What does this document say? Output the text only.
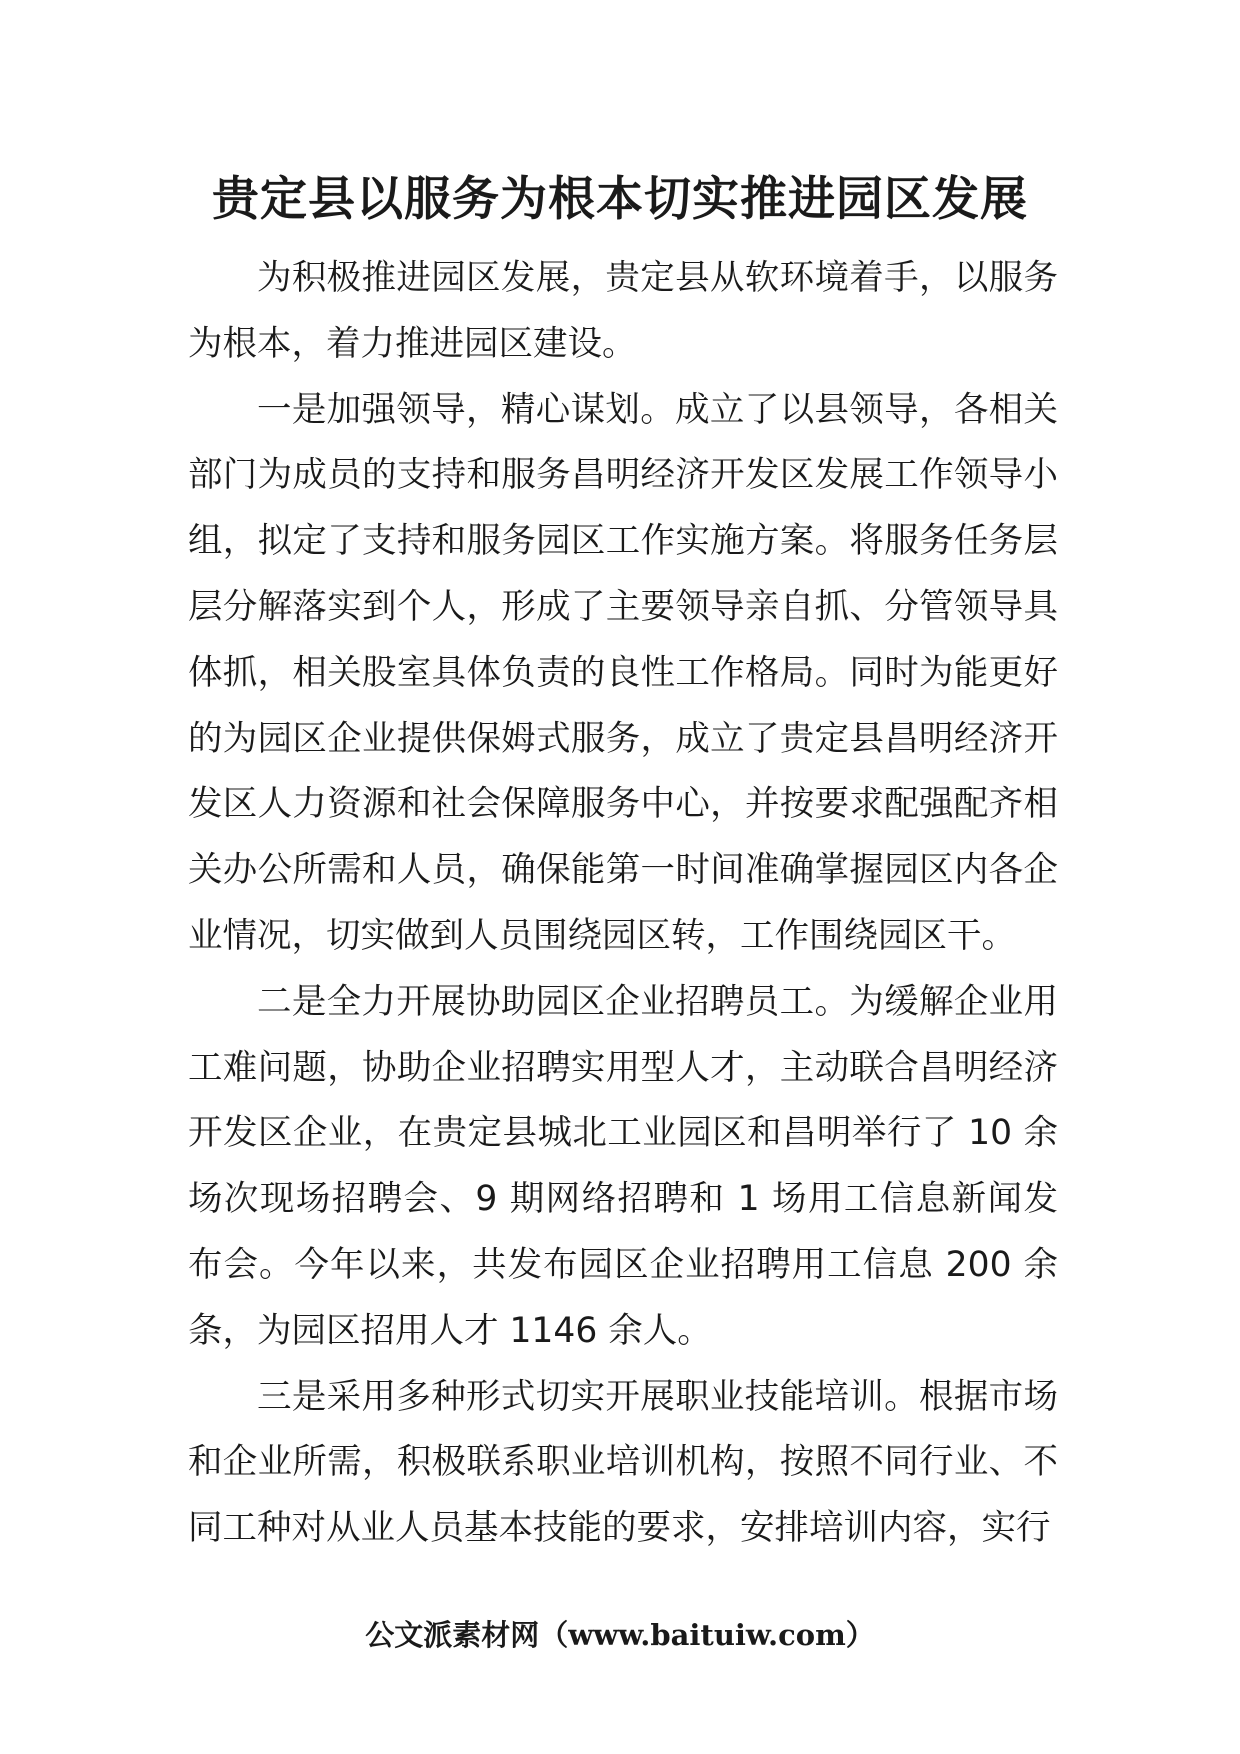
贵定县以服务为根本切实推进园区发展

为积极推进园区发展，贵定县从软环境着手，以服务为根本，着力推进园区建设。

一是加强领导，精心谋划。成立了以县领导，各相关部门为成员的支持和服务昌明经济开发区发展工作领导小组，拟定了支持和服务园区工作实施方案。将服务任务层层分解落实到个人，形成了主要领导亲自抓、分管领导具体抓，相关股室具体负责的良性工作格局。同时为能更好的为园区企业提供保姆式服务，成立了贵定县昌明经济开发区人力资源和社会保障服务中心，并按要求配强配齐相关办公所需和人员，确保能第一时间准确掌握园区内各企业情况，切实做到人员围绕园区转，工作围绕园区干。

二是全力开展协助园区企业招聘员工。为缓解企业用工难问题，协助企业招聘实用型人才，主动联合昌明经济开发区企业，在贵定县城北工业园区和昌明举行了 10 余场次现场招聘会、9 期网络招聘和 1 场用工信息新闻发布会。今年以来，共发布园区企业招聘用工信息 200 余条，为园区招用人才 1146 余人。

三是采用多种形式切实开展职业技能培训。根据市场和企业所需，积极联系职业培训机构，按照不同行业、不同工种对从业人员基本技能的要求，安排培训内容，实行

公文派素材网（www.baituiw.com）
